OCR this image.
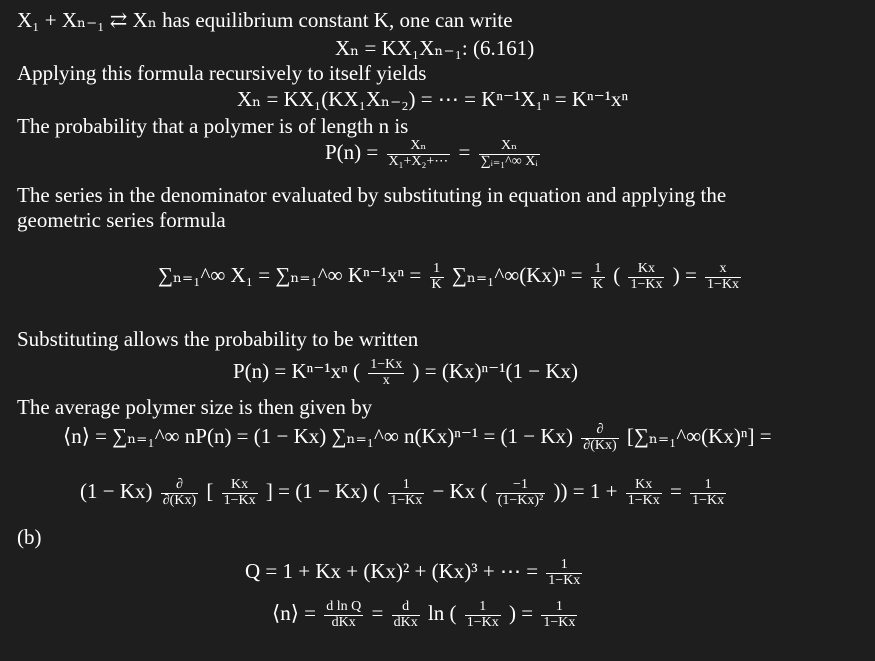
X₁ + Xₙ₋₁ ⇄ Xₙ has equilibrium constant K, one can write
Xₙ = KX₁Xₙ₋₁: (6.161)
Applying this formula recursively to itself yields
Xₙ = KX₁(KX₁Xₙ₋₂) = ⋯ = Kⁿ⁻¹X₁ⁿ = Kⁿ⁻¹xⁿ
The probability that a polymer is of length n is
$P(n) = \frac{\text{Xₙ}}{\text{X₁+X₂+⋯}} = \frac{\text{Xₙ}}{\text{∑ᵢ₌₁\textasciicircum{}∞ Xᵢ}}$
The series in the denominator evaluated by substituting in equation and applying the
geometric series formula
∑ₙ₌₁^∞ X₁ = ∑ₙ₌₁^∞ $K^{n-1}x^n = \frac{1}{K}$ ∑ₙ₌₁^∞(Kx)ⁿ = $\frac{1}{K}$ ( $\frac{Kx}{1-Kx}$ ) = $\frac{x}{1-Kx}$
Substituting allows the probability to be written
P(n) = Kⁿ⁻¹xⁿ ( $\frac{1-Kx}{x}$ ) = (Kx)ⁿ⁻¹(1 − Kx)
The average polymer size is then given by
⟨n⟩ = ∑ₙ₌₁^∞ nP(n) = (1 − Kx) ∑ₙ₌₁^∞ $n(Kx)^{n-1} = (1 - Kx) \frac{\partial}{\partial(Kx)}$ [∑ₙ₌₁^∞(Kx)ⁿ] =
$(1 - Kx) \frac{\partial}{\partial(Kx)}$ [ $\frac{Kx}{1-Kx}$ ] = (1 − Kx) ( $\frac{1}{1-Kx} - Kx$ ( $\frac{-1}{\text{(1−Kx)²}}$ )) = $1 + \frac{Kx}{1-Kx} = \frac{1}{1-Kx}$
(b)
Q = 1 + Kx + (Kx)² + (Kx)³ + ⋯ = $\frac{1}{1-Kx}$
⟨n⟩ = $\frac{\text{d ln Q}}{\text{dKx}} = \frac{d}{\text{dKx}}$ ln ( $\frac{1}{1-Kx}$ ) = $\frac{1}{1-Kx}$
